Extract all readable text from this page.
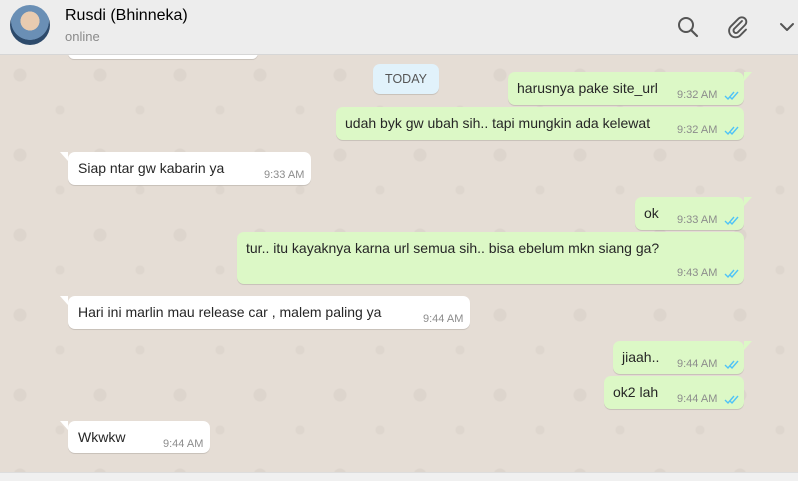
Rusdi (Bhinneka)
online
TODAY
harusnya pake site_url 9:32 AM
udah byk gw ubah sih.. tapi mungkin ada kelewat 9:32 AM
Siap ntar gw kabarin ya	9:33 AM
ok 9:33 AM
tur.. itu kayaknya karna url semua sih.. bisa ebelum mkn siang ga?
9:43 AM
Hari ini marlin mau release car , malem paling ya	9:44 AM
jiaah.. 9:44 AM
ok2 lah 9:44 AM
Wkwkw	9:44 AM
